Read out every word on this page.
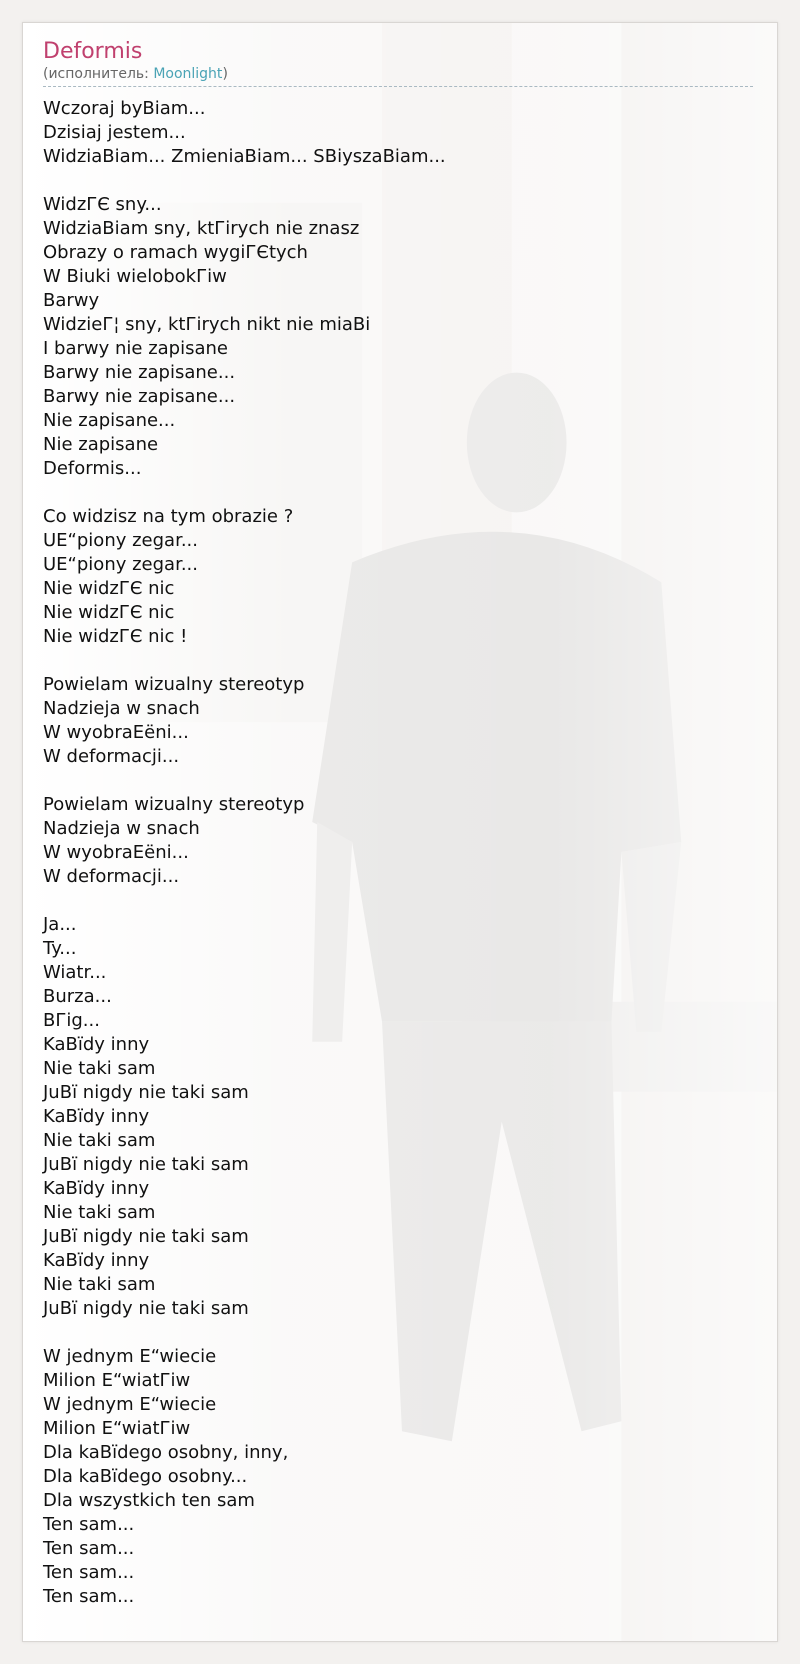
Deformis
(исполнитель: Moonlight)
Wczoraj byBiam...
Dzisiaj jestem...
WidziaBiam... ZmieniaBiam... SBiyszaBiam...
WidzГЄ sny...
WidziaBiam sny, ktГіrych nie znasz
Obrazy o ramach wygiГЄtych
W Biuki wielobokГіw
Barwy
WidzieГ¦ sny, ktГіrych nikt nie miaBi
I barwy nie zapisane
Barwy nie zapisane...
Barwy nie zapisane...
Nie zapisane...
Nie zapisane
Deformis...
Co widzisz na tym obrazie ?
UE“piony zegar...
UE“piony zegar...
Nie widzГЄ nic
Nie widzГЄ nic
Nie widzГЄ nic !
Powielam wizualny stereotyp
Nadzieja w snach
W wyobraEёni...
W deformacji...
Powielam wizualny stereotyp
Nadzieja w snach
W wyobraEёni...
W deformacji...
Ja...
Ty...
Wiatr...
Burza...
BГіg...
KaBїdy inny
Nie taki sam
JuBї nigdy nie taki sam
KaBїdy inny
Nie taki sam
JuBї nigdy nie taki sam
KaBїdy inny
Nie taki sam
JuBї nigdy nie taki sam
KaBїdy inny
Nie taki sam
JuBї nigdy nie taki sam
W jednym E“wiecie
Milion E“wiatГіw
W jednym E“wiecie
Milion E“wiatГіw
Dla kaBїdego osobny, inny,
Dla kaBїdego osobny...
Dla wszystkich ten sam
Ten sam...
Ten sam...
Ten sam...
Ten sam...
